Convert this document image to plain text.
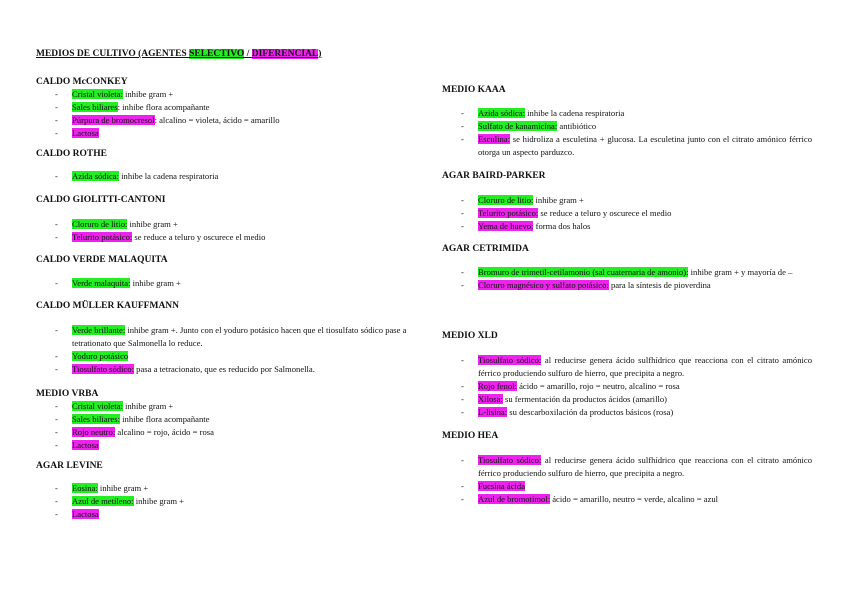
MEDIOS DE CULTIVO (AGENTES SELECTIVO / DIFERENCIAL)
CALDO McCONKEY
- Cristal violeta: inhibe gram +
- Sales biliares: inhibe flora acompañante
- Púrpura de bromocresol: alcalino = violeta, ácido = amarillo
- Lactosa
CALDO ROTHE
- Azida sódica: inhibe la cadena respiratoria
CALDO GIOLITTI-CANTONI
- Cloruro de litio: inhibe gram +
- Telurito potásico: se reduce a teluro y oscurece el medio
CALDO VERDE MALAQUITA
- Verde malaquita: inhibe gram +
CALDO MÜLLER KAUFFMANN
- Verde brillante: inhibe gram +. Junto con el yoduro potásico hacen que el tiosulfato sódico pase a tetrationato que Salmonella lo reduce.
- Yoduro potásico
- Tiosulfato sódico: pasa a tetracionato, que es reducido por Salmonella.
MEDIO VRBA
- Cristal violeta: inhibe gram +
- Sales biliares: inhibe flora acompañante
- Rojo neutro: alcalino = rojo, ácido = rosa
- Lactosa
AGAR LEVINE
- Eosina: inhibe gram +
- Azul de metileno: inhibe gram +
- Lactosa
MEDIO KAAA
- Azida sódica: inhibe la cadena respiratoria
- Sulfato de kanamicina: antibiótico
- Esculina: se hidroliza a esculetina + glucosa. La esculetina junto con el citrato amónico férrico otorga un aspecto parduzco.
AGAR BAIRD-PARKER
- Cloruro de litio: inhibe gram +
- Telurito potásico: se reduce a teluro y oscurece el medio
- Yema de huevo: forma dos halos
AGAR CETRIMIDA
- Bromuro de trimetil-cetilamonio (sal cuaternaria de amonio): inhibe gram + y mayoría de –
- Cloruro magnésico y sulfato potásico: para la síntesis de pioverdina
MEDIO XLD
- Tiosulfato sódico: al reducirse genera ácido sulfhídrico que reacciona con el citrato amónico férrico produciendo sulfuro de hierro, que precipita a negro.
- Rojo fenol: ácido = amarillo, rojo = neutro, alcalino = rosa
- Xilosa: su fermentación da productos ácidos (amarillo)
- L-lisina: su descarboxilación da productos básicos (rosa)
MEDIO HEA
- Tiosulfato sódico: al reducirse genera ácido sulfhídrico que reacciona con el citrato amónico férrico produciendo sulfuro de hierro, que precipita a negro.
- Fucsina ácida
- Azul de bromotimol: ácido = amarillo, neutro = verde, alcalino = azul
